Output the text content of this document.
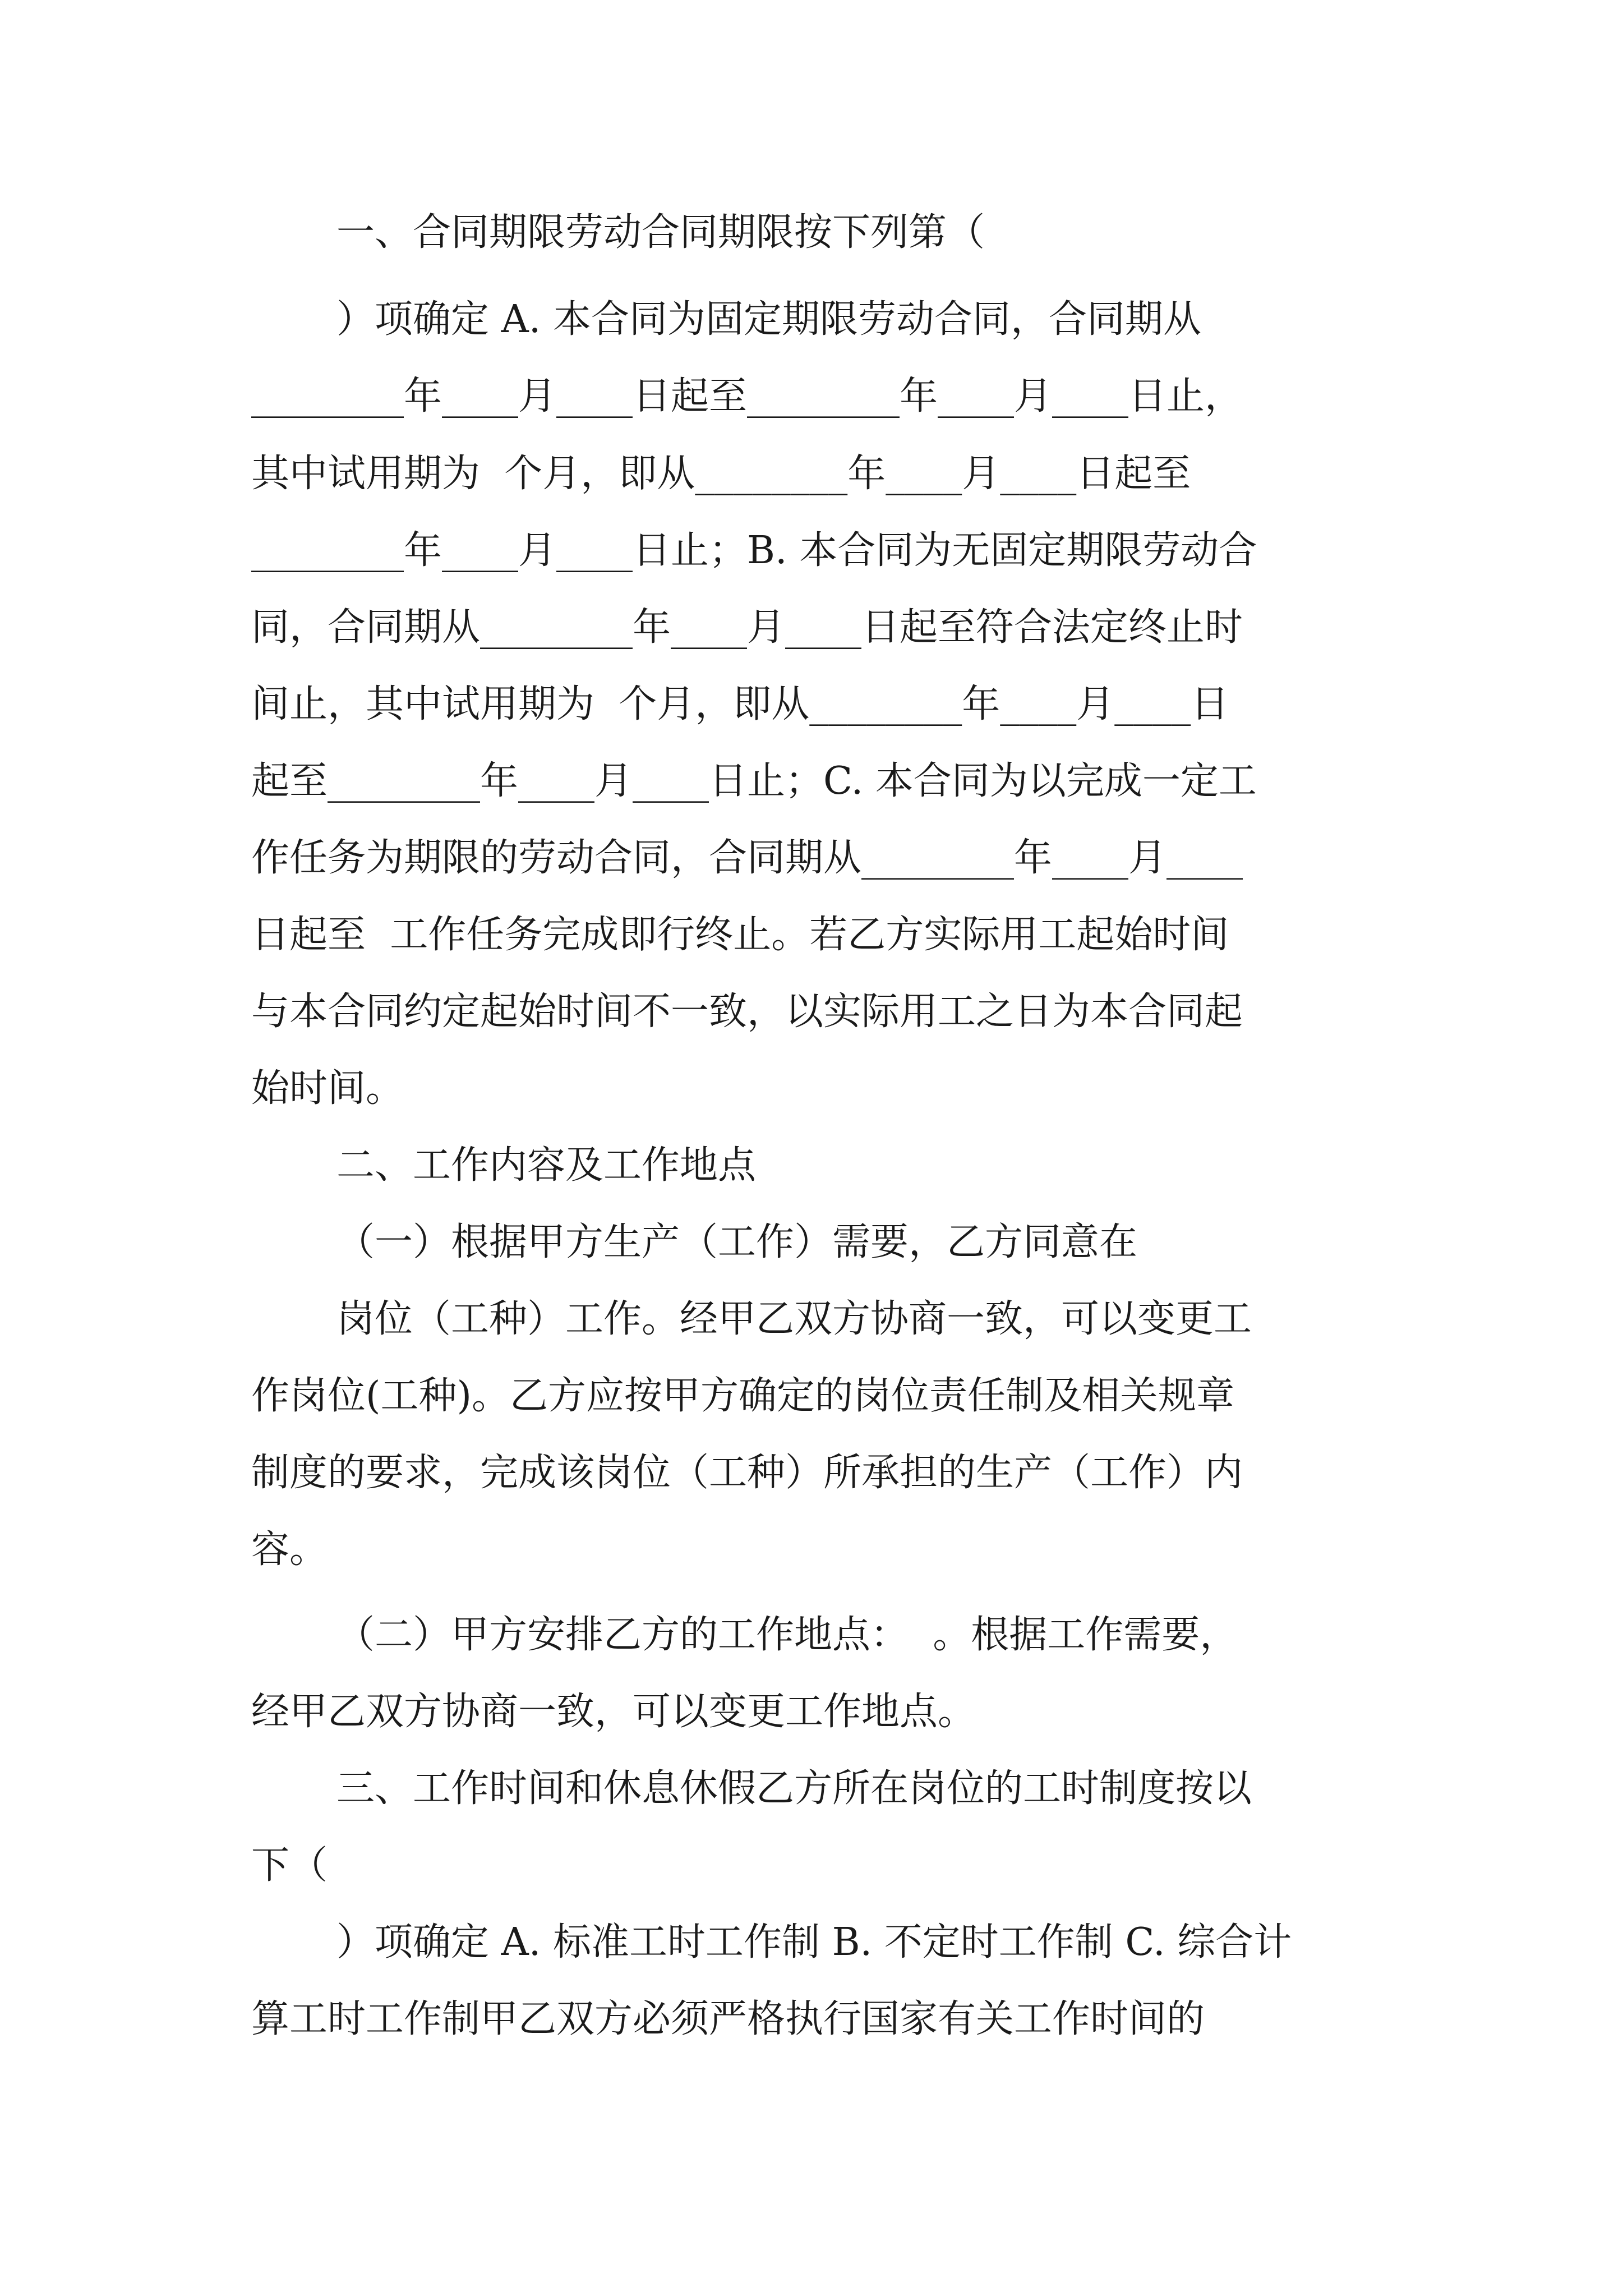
一、合同期限劳动合同期限按下列第（
）项确定 A. 本合同为固定期限劳动合同，合同期从
________年____月____日起至________年____月____日止，
其中试用期为  个月，即从________年____月____日起至
________年____月____日止；B. 本合同为无固定期限劳动合
同，合同期从________年____月____日起至符合法定终止时
间止，其中试用期为  个月，即从________年____月____日
起至________年____月____日止；C. 本合同为以完成一定工
作任务为期限的劳动合同，合同期从________年____月____
日起至  工作任务完成即行终止。若乙方实际用工起始时间
与本合同约定起始时间不一致，以实际用工之日为本合同起
始时间。
二、工作内容及工作地点
（一）根据甲方生产（工作）需要，乙方同意在
岗位（工种）工作。经甲乙双方协商一致，可以变更工
作岗位(工种)。乙方应按甲方确定的岗位责任制及相关规章
制度的要求，完成该岗位（工种）所承担的生产（工作）内
容。
（二）甲方安排乙方的工作地点：  。根据工作需要，
经甲乙双方协商一致，可以变更工作地点。
三、工作时间和休息休假乙方所在岗位的工时制度按以
下（
）项确定 A. 标准工时工作制 B. 不定时工作制 C. 综合计
算工时工作制甲乙双方必须严格执行国家有关工作时间的
